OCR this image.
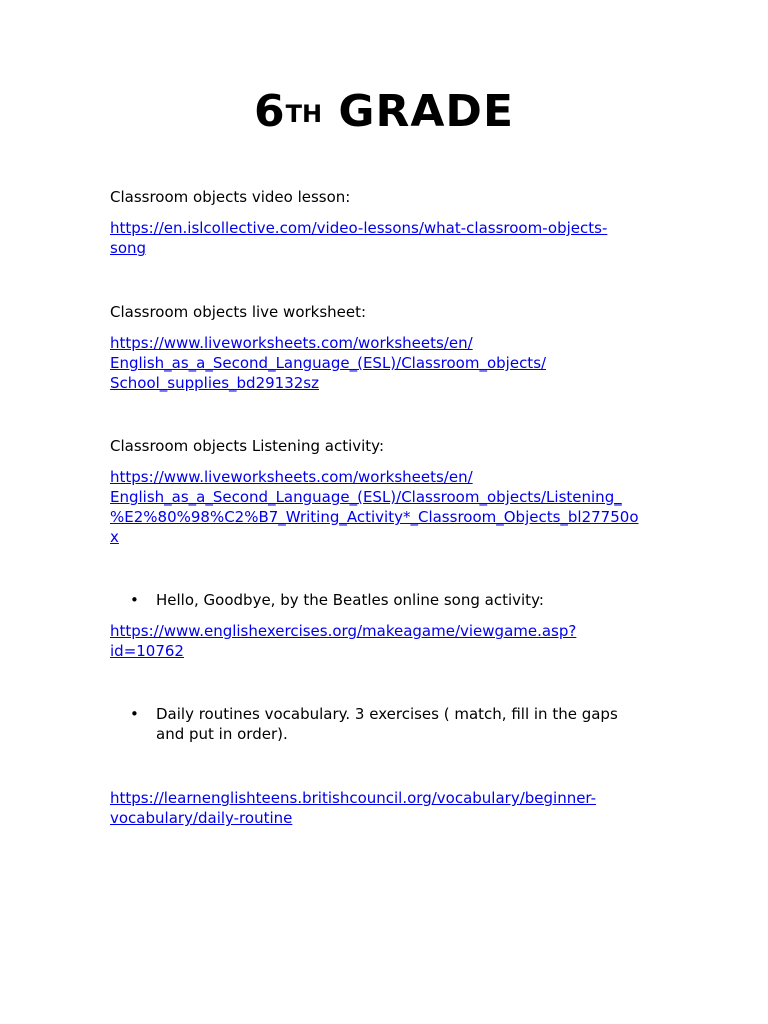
6TH GRADE
Classroom objects video lesson:
https://en.islcollective.com/video-lessons/what-classroom-objects-
song
Classroom objects live worksheet:
https://www.liveworksheets.com/worksheets/en/
English_as_a_Second_Language_(ESL)/Classroom_objects/
School_supplies_bd29132sz
Classroom objects Listening activity:
https://www.liveworksheets.com/worksheets/en/
English_as_a_Second_Language_(ESL)/Classroom_objects/Listening_
%E2%80%98%C2%B7_Writing_Activity*_Classroom_Objects_bl27750o
x
• Hello, Goodbye, by the Beatles online song activity:
https://www.englishexercises.org/makeagame/viewgame.asp?
id=10762
• Daily routines vocabulary. 3 exercises ( match, fill in the gaps
and put in order).
https://learnenglishteens.britishcouncil.org/vocabulary/beginner-
vocabulary/daily-routine
